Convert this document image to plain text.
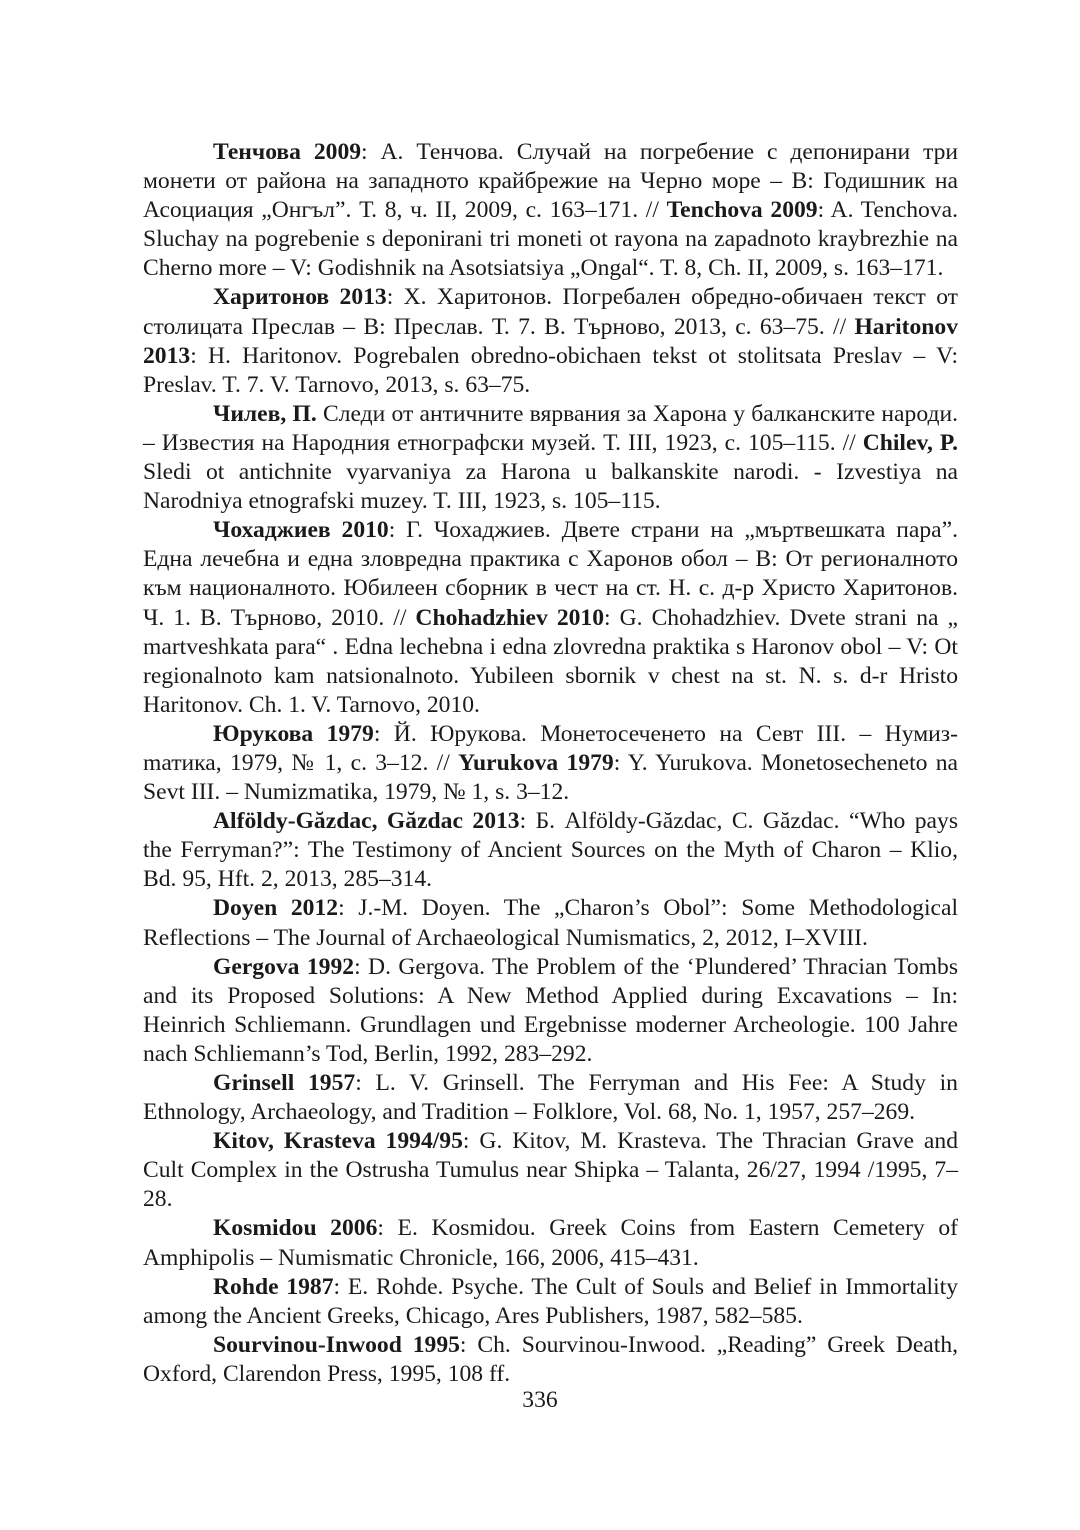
Тенчова 2009: А. Тенчова. Случай на погребение с депонирани три монети от района на западното крайбрежие на Черно море – В: Годишник на Асоциация „Онгъл”. Т. 8, ч. II, 2009, с. 163–171. // Tenchova 2009: A. Tenchova. Sluchay na pogrebenie s deponirani tri moneti ot rayona na zapadnoto kraybrezhie na Cherno more – V: Godishnik na Asotsiatsiya „Ongal“. T. 8, Ch. II, 2009, s. 163–171.

Харитонов 2013: Х. Харитонов. Погребален обредно-обичаен текст от столицата Преслав – В: Преслав. Т. 7. В. Търново, 2013, с. 63–75. // Haritonov 2013: H. Haritonov. Pogrebalen obredno-obichaen tekst ot stolitsata Preslav – V: Preslav. T. 7. V. Tarnovo, 2013, s. 63–75.

Чилев, П. Следи от античните вярвания за Харона у балканските народи. – Известия на Народния етнографски музей. Т. III, 1923, с. 105–115. // Chilev, P. Sledi ot antichnite vyarvaniya za Harona u balkanskite narodi. - Izvestiya na Narodniya etnografski muzey. T. III, 1923, s. 105–115.

Чохаджиев 2010: Г. Чохаджиев. Двете страни на „мъртвешката пара”. Една лечебна и една зловредна практика с Харонов обол – В: От регионалното към националното. Юбилеен сборник в чест на ст. Н. с. д-р Христо Харитонов. Ч. 1. В. Търново, 2010. // Chohadzhiev 2010: G. Chohadzhiev. Dvete strani na „ martveshkata para“ . Edna lechebna i edna zlovredna praktika s Haronov obol – V: Ot regionalnoto kam natsionalnoto. Yubileen sbornik v chest na st. N. s. d-r Hristo Haritonov. Ch. 1. V. Tarnovo, 2010.

Юрукова 1979: Й. Юрукова. Монетосеченето на Севт III. – Нумизmатика, 1979, № 1, с. 3–12. // Yurukova 1979: Y. Yurukova. Monetosecheneto na Sevt III. – Numizmatika, 1979, № 1, s. 3–12.

Alföldy-Găzdac, Găzdac 2013: Б. Alföldy-Găzdac, C. Găzdac. “Who pays the Ferryman?”: The Testimony of Ancient Sources on the Myth of Charon – Klio, Bd. 95, Hft. 2, 2013, 285–314.

Doyen 2012: J.-M. Doyen. The „Charon’s Obol”: Some Methodological Reflections – The Journal of Archaeological Numismatics, 2, 2012, I–XVIII.

Gergova 1992: D. Gergova. The Problem of the ‘Plundered’ Thracian Tombs and its Proposed Solutions: A New Method Applied during Excavations – In: Heinrich Schliemann. Grundlagen und Ergebnisse moderner Archeologie. 100 Jahre nach Schliemann’s Tod, Berlin, 1992, 283–292.

Grinsell 1957: L. V. Grinsell. The Ferryman and His Fee: A Study in Ethnology, Archaeology, and Tradition – Folklore, Vol. 68, No. 1, 1957, 257–269.

Kitov, Krasteva 1994/95: G. Kitov, M. Krasteva. The Thracian Grave and Cult Complex in the Ostrusha Tumulus near Shipka – Talanta, 26/27, 1994 /1995, 7–28.

Kosmidou 2006: E. Kosmidou. Greek Coins from Eastern Cemetery of Amphipolis – Numismatic Chronicle, 166, 2006, 415–431.

Rohde 1987: E. Rohde. Psyche. The Cult of Souls and Belief in Immortality among the Ancient Greeks, Chicago, Ares Publishers, 1987, 582–585.

Sourvinou-Inwood 1995: Ch. Sourvinou-Inwood. „Reading” Greek Death, Oxford, Clarendon Press, 1995, 108 ff.

336
